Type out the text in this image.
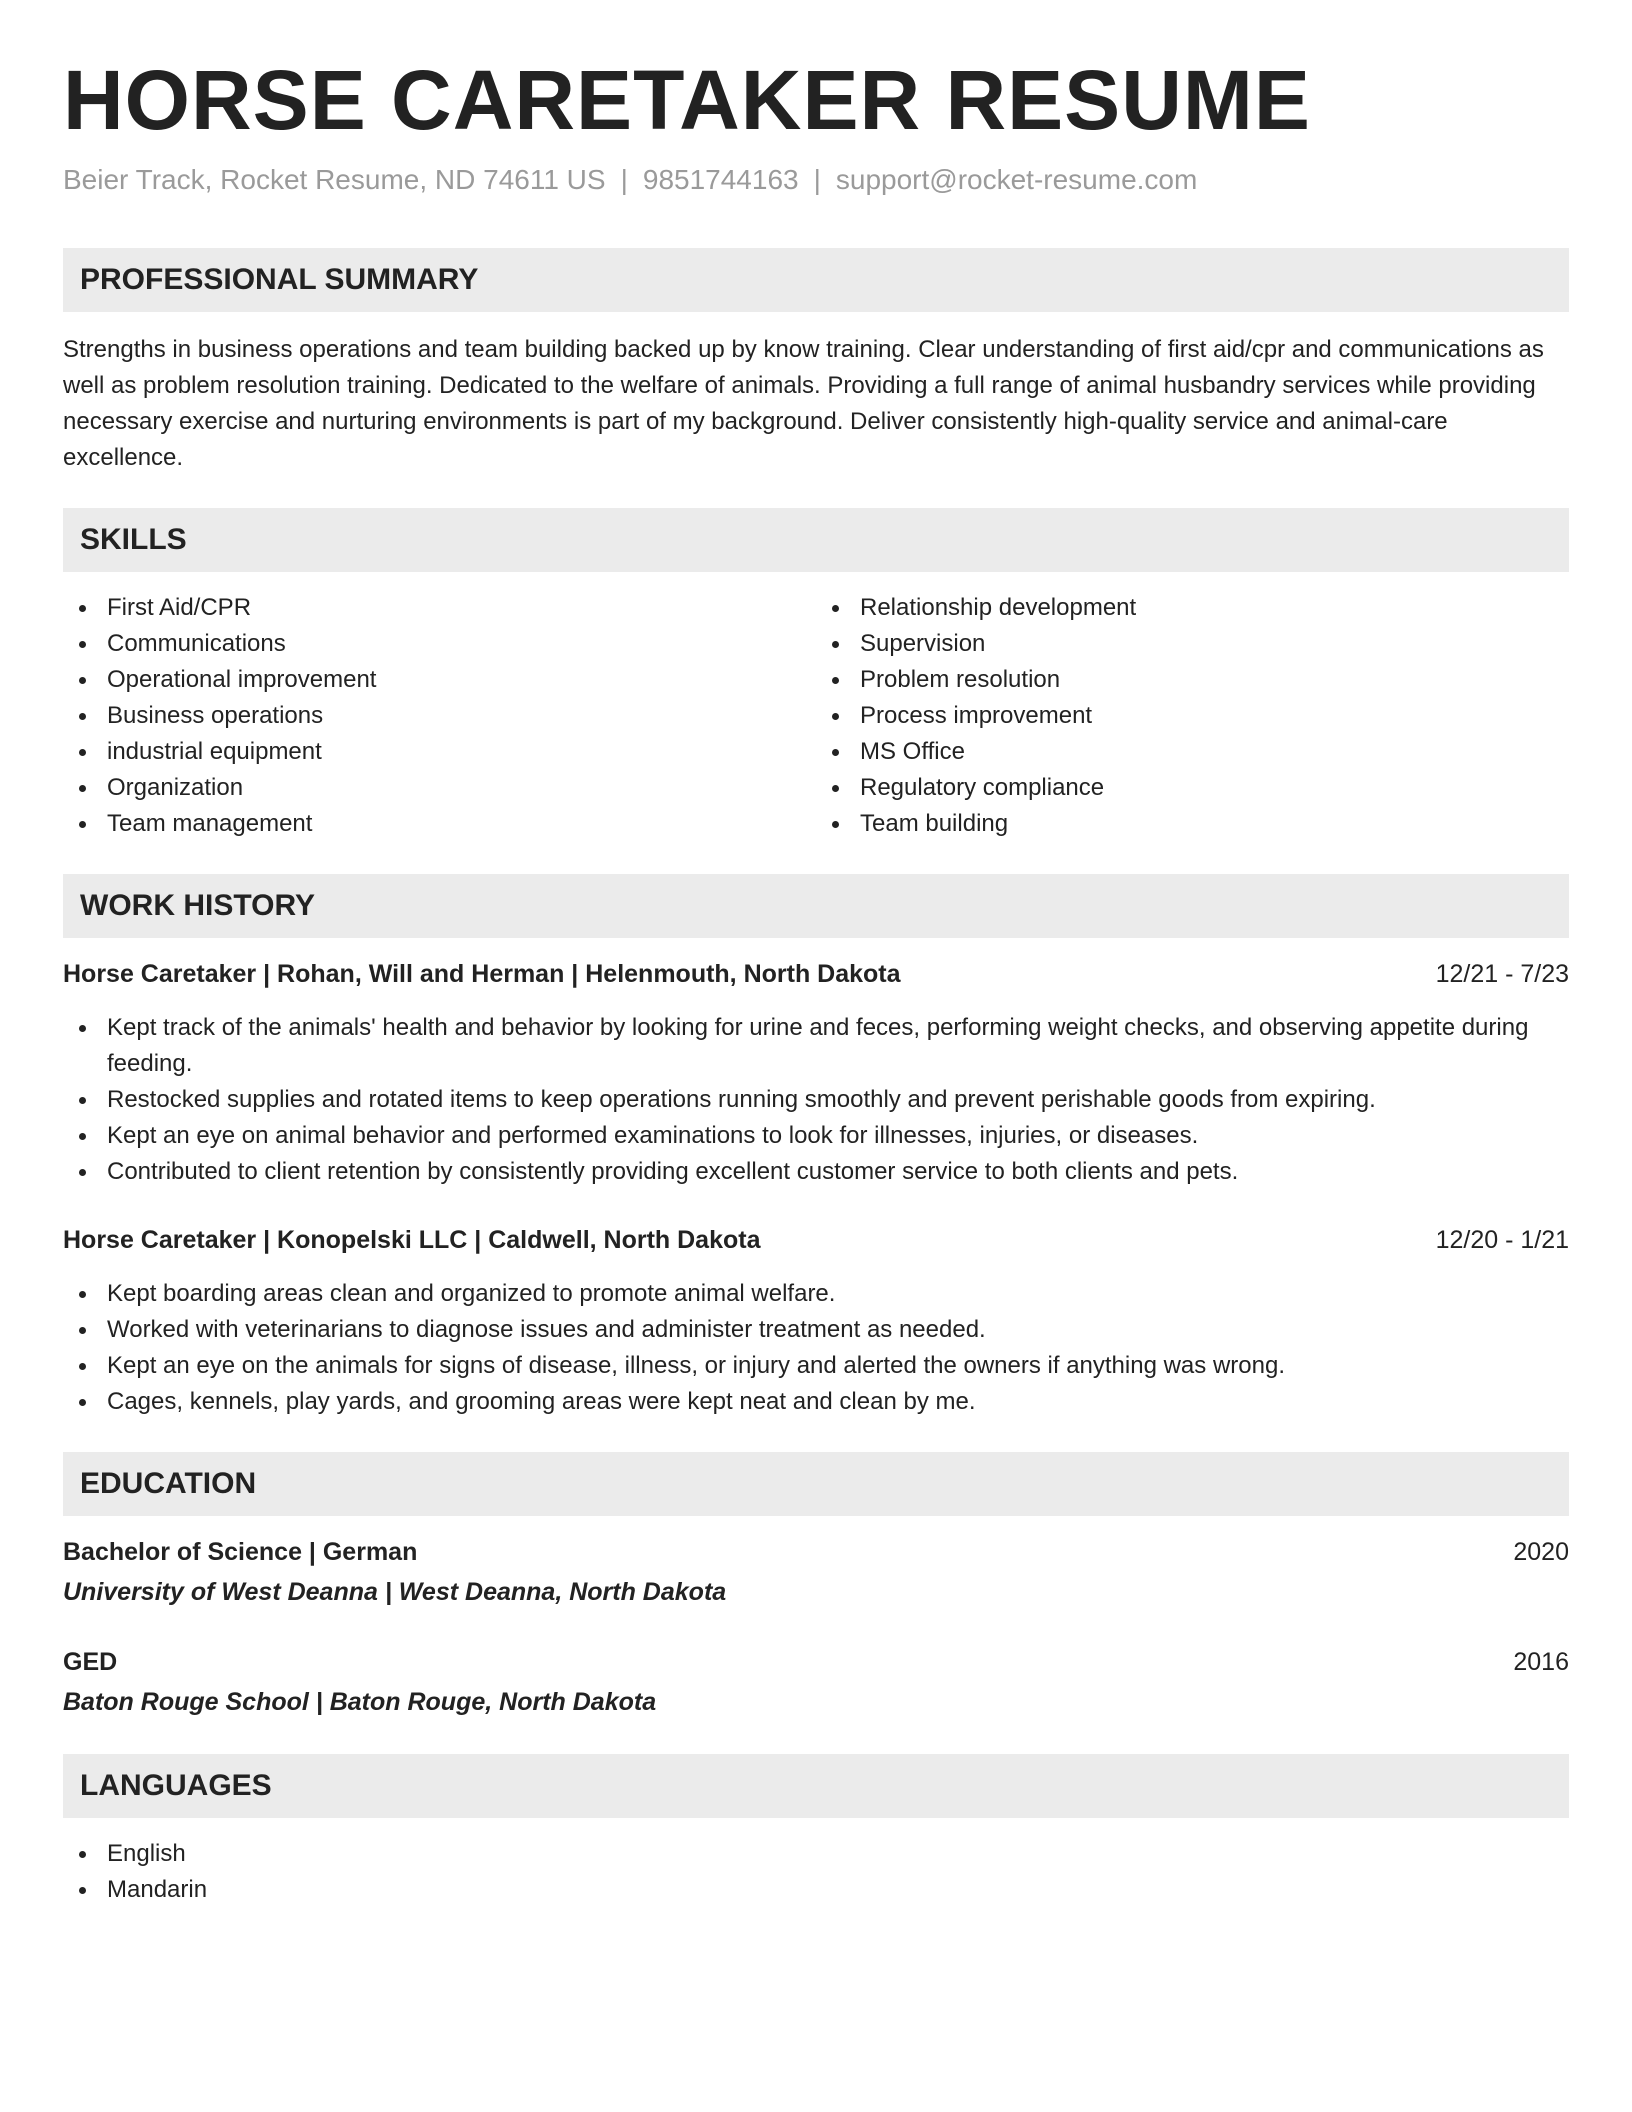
HORSE CARETAKER RESUME
Beier Track, Rocket Resume, ND 74611 US | 9851744163 | support@rocket-resume.com
PROFESSIONAL SUMMARY

Strengths in business operations and team building backed up by know training. Clear understanding of first aid/cpr and communications as well as problem resolution training. Dedicated to the welfare of animals. Providing a full range of animal husbandry services while providing necessary exercise and nurturing environments is part of my background. Deliver consistently high-quality service and animal-care excellence.

SKILLS
First Aid/CPR
Communications
Operational improvement
Business operations
industrial equipment
Organization
Team management
Relationship development
Supervision
Problem resolution
Process improvement
MS Office
Regulatory compliance
Team building
WORK HISTORY
Horse Caretaker | Rohan, Will and Herman | Helenmouth, North Dakota	12/21 - 7/23
Kept track of the animals' health and behavior by looking for urine and feces, performing weight checks, and observing appetite during feeding.
Restocked supplies and rotated items to keep operations running smoothly and prevent perishable goods from expiring.
Kept an eye on animal behavior and performed examinations to look for illnesses, injuries, or diseases.
Contributed to client retention by consistently providing excellent customer service to both clients and pets.
Horse Caretaker | Konopelski LLC | Caldwell, North Dakota	12/20 - 1/21
Kept boarding areas clean and organized to promote animal welfare.
Worked with veterinarians to diagnose issues and administer treatment as needed.
Kept an eye on the animals for signs of disease, illness, or injury and alerted the owners if anything was wrong.
Cages, kennels, play yards, and grooming areas were kept neat and clean by me.
EDUCATION
Bachelor of Science | German	2020
University of West Deanna | West Deanna, North Dakota
GED	2016
Baton Rouge School | Baton Rouge, North Dakota
LANGUAGES
English
Mandarin
